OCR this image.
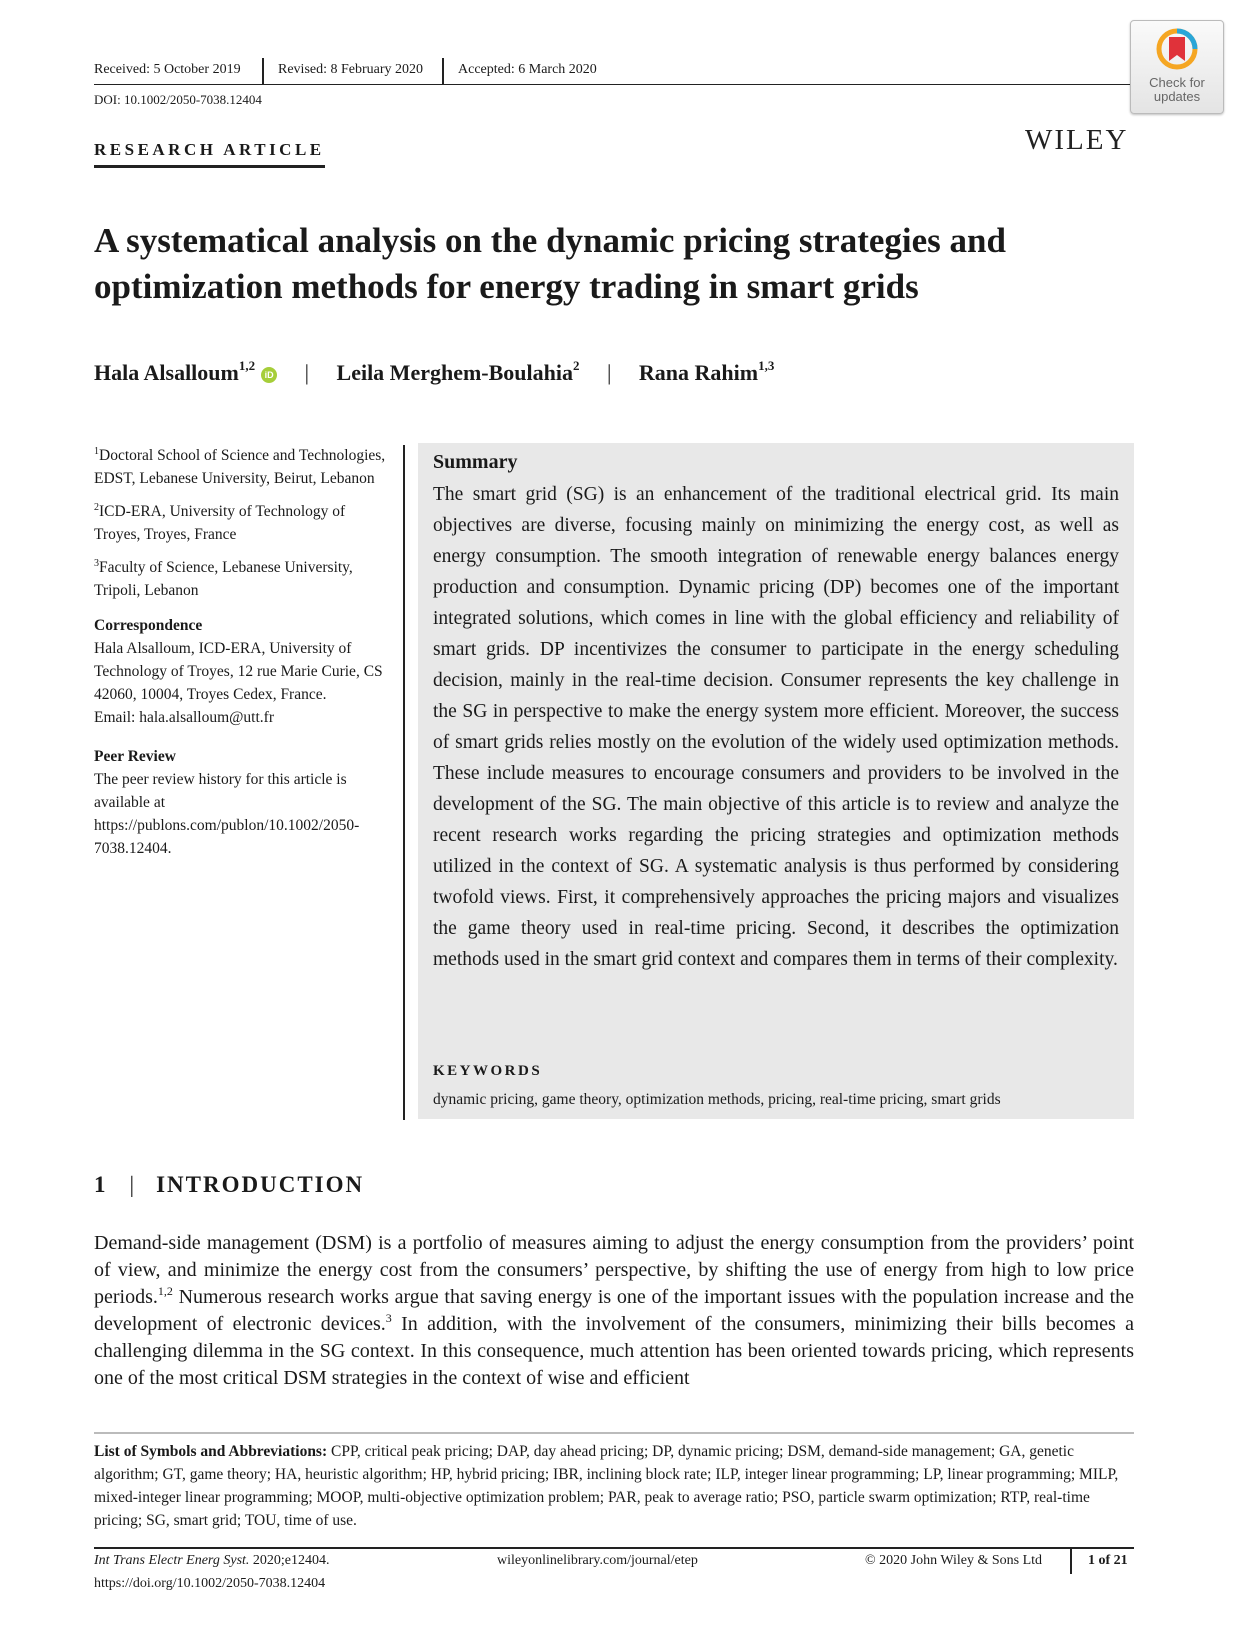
Received: 5 October 2019	Revised: 8 February 2020 Accepted: 6 March 2020
DOI: 10.1002/2050-7038.12404
Check for
updates
WILEY
RESEARCH ARTICLE
A systematical analysis on the dynamic pricing strategies and optimization methods for energy trading in smart grids
Hala Alsalloum$^{1,2}$iD | Leila Merghem-Boulahia$^2$ | Rana Rahim$^{1,3}$

$^1$Doctoral School of Science and Technologies, EDST, Lebanese University, Beirut, Lebanon

$^2$ICD-ERA, University of Technology of Troyes, Troyes, France

$^3$Faculty of Science, Lebanese University, Tripoli, Lebanon

Correspondence

Hala Alsalloum, ICD-ERA, University of Technology of Troyes, 12 rue Marie Curie, CS 42060, 10004, Troyes Cedex, France.

Email: hala.alsalloum@utt.fr

Peer Review

The peer review history for this article is available at https://publons.com/publon/10.1002/2050-7038.12404.

Summary

The smart grid (SG) is an enhancement of the traditional electrical grid. Its main objectives are diverse, focusing mainly on minimizing the energy cost, as well as energy consumption. The smooth integration of renewable energy balances energy production and consumption. Dynamic pricing (DP) becomes one of the important integrated solutions, which comes in line with the global efficiency and reliability of smart grids. DP incentivizes the consumer to participate in the energy scheduling decision, mainly in the real-time decision. Consumer represents the key challenge in the SG in perspective to make the energy system more efficient. Moreover, the success of smart grids relies mostly on the evolution of the widely used optimization methods. These include measures to encourage consumers and providers to be involved in the development of the SG. The main objective of this article is to review and analyze the recent research works regarding the pricing strategies and optimization methods utilized in the context of SG. A systematic analysis is thus performed by considering twofold views. First, it comprehensively approaches the pricing majors and visualizes the game theory used in real-time pricing. Second, it describes the optimization methods used in the smart grid context and compares them in terms of their complexity.

KEYWORDS
dynamic pricing, game theory, optimization methods, pricing, real-time pricing, smart grids
1 | INTRODUCTION

Demand-side management (DSM) is a portfolio of measures aiming to adjust the energy consumption from the providers’ point of view, and minimize the energy cost from the consumers’ perspective, by shifting the use of energy from high to low price periods.$^{1,2}$ Numerous research works argue that saving energy is one of the important issues with the population increase and the development of electronic devices.$^3$ In addition, with the involvement of the consumers, minimizing their bills becomes a challenging dilemma in the SG context. In this consequence, much attention has been oriented towards pricing, which represents one of the most critical DSM strategies in the context of wise and efficient

List of Symbols and Abbreviations: CPP, critical peak pricing; DAP, day ahead pricing; DP, dynamic pricing; DSM, demand-side management; GA, genetic algorithm; GT, game theory; HA, heuristic algorithm; HP, hybrid pricing; IBR, inclining block rate; ILP, integer linear programming; LP, linear programming; MILP, mixed-integer linear programming; MOOP, multi-objective optimization problem; PAR, peak to average ratio; PSO, particle swarm optimization; RTP, real-time pricing; SG, smart grid; TOU, time of use.

Int Trans Electr Energ Syst. 2020;e12404.
https://doi.org/10.1002/2050-7038.12404
wileyonlinelibrary.com/journal/etep	© 2020 John Wiley & Sons Ltd	1 of 21
